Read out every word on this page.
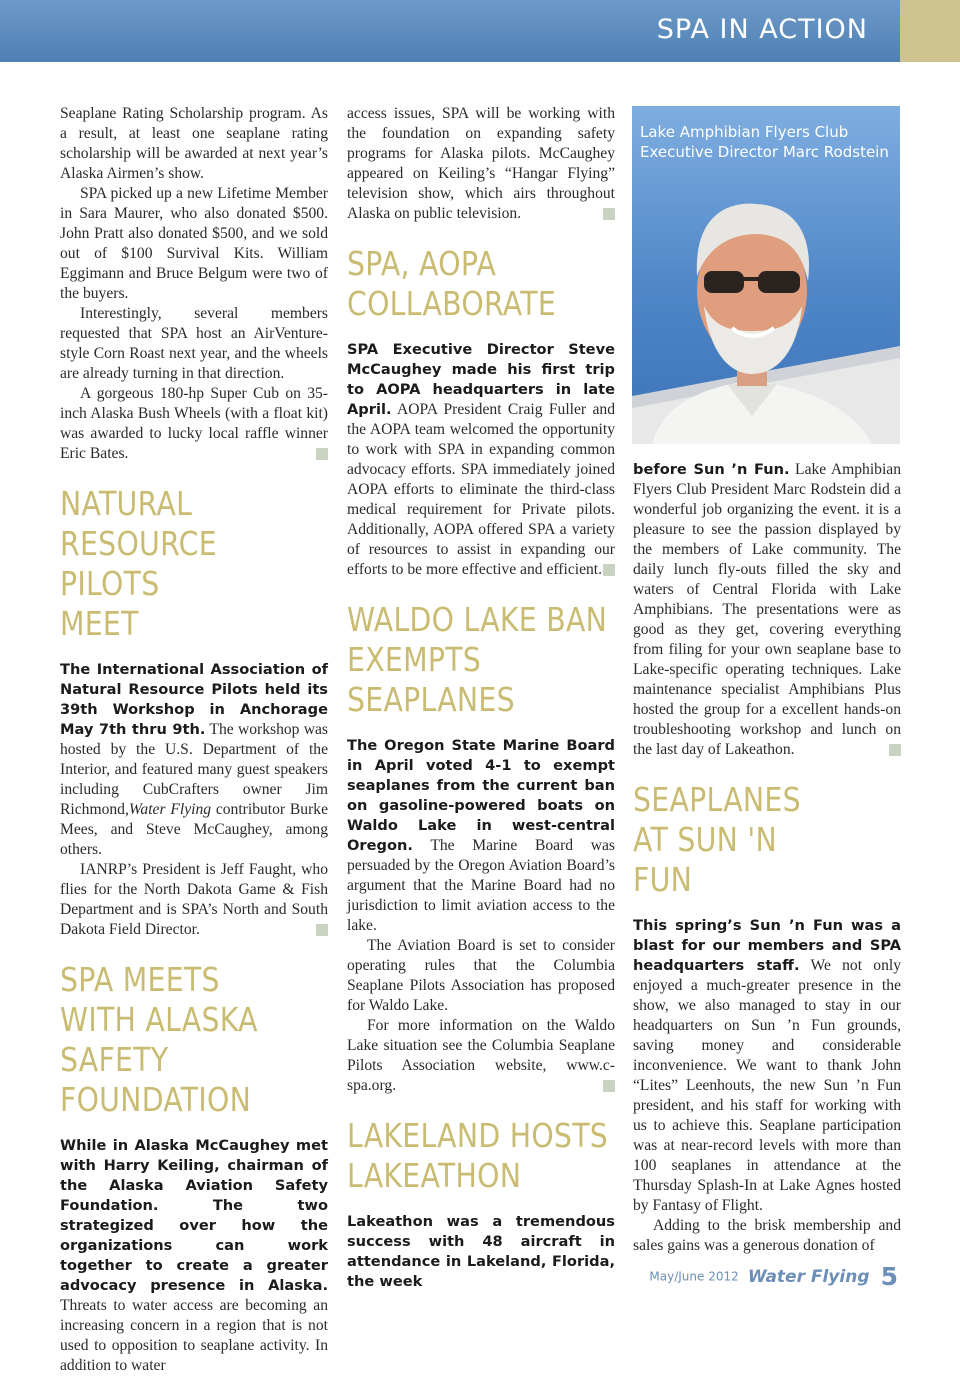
SPA IN ACTION

Seaplane Rating Scholarship program. As a result, at least one seaplane rating scholarship will be awarded at next year’s Alaska Airmen’s show.

SPA picked up a new Lifetime Member in Sara Maurer, who also donated $500. John Pratt also donated $500, and we sold out of $100 Survival Kits. William Eggimann and Bruce Belgum were two of the buyers.

Interestingly, several members requested that SPA host an AirVenture-style Corn Roast next year, and the wheels are already turning in that direction.

A gorgeous 180-hp Super Cub on 35-inch Alaska Bush Wheels (with a float kit) was awarded to lucky local raffle winner Eric Bates.

NATURAL RESOURCE PILOTS MEET

The International Association of Natural Resource Pilots held its 39th Workshop in Anchorage May 7th thru 9th. The workshop was hosted by the U.S. Department of the Interior, and featured many guest speakers including CubCrafters owner Jim Richmond,Water Flying contributor Burke Mees, and Steve McCaughey, among others.

IANRP’s President is Jeff Faught, who flies for the North Dakota Game & Fish Department and is SPA’s North and South Dakota Field Director.

SPA MEETS WITH ALASKA SAFETY FOUNDATION

While in Alaska McCaughey met with Harry Keiling, chairman of the Alaska Aviation Safety Foundation. The two strategized over how the organizations can work together to create a greater advocacy presence in Alaska. Threats to water access are becoming an increasing concern in a region that is not used to opposition to seaplane activity. In addition to water

access issues, SPA will be working with the foundation on expanding safety programs for Alaska pilots. McCaughey appeared on Keiling’s “Hangar Flying” television show, which airs throughout Alaska on public television.

SPA, AOPA COLLABORATE

SPA Executive Director Steve McCaughey made his first trip to AOPA headquarters in late April. AOPA President Craig Fuller and the AOPA team welcomed the opportunity to work with SPA in expanding common advocacy efforts. SPA immediately joined AOPA efforts to eliminate the third-class medical requirement for Private pilots. Additionally, AOPA offered SPA a variety of resources to assist in expanding our efforts to be more effective and efficient.

WALDO LAKE BAN EXEMPTS SEAPLANES

The Oregon State Marine Board in April voted 4-1 to exempt seaplanes from the current ban on gasoline-powered boats on Waldo Lake in west-central Oregon. The Marine Board was persuaded by the Oregon Aviation Board’s argument that the Marine Board had no jurisdiction to limit aviation access to the lake.

The Aviation Board is set to consider operating rules that the Columbia Seaplane Pilots Association has proposed for Waldo Lake.

For more information on the Waldo Lake situation see the Columbia Seaplane Pilots Association website, www.c-spa.org.

LAKELAND HOSTS LAKEATHON

Lakeathon was a tremendous success with 48 aircraft in attendance in Lakeland, Florida, the week

Lake Amphibian Flyers Club Executive Director Marc Rodstein

before Sun ’n Fun. Lake Amphibian Flyers Club President Marc Rodstein did a wonderful job organizing the event. it is a pleasure to see the passion displayed by the members of Lake community. The daily lunch fly-outs filled the sky and waters of Central Florida with Lake Amphibians. The presentations were as good as they get, covering everything from filing for your own seaplane base to Lake-specific operating techniques. Lake maintenance specialist Amphibians Plus hosted the group for a excellent hands-on troubleshooting workshop and lunch on the last day of Lakeathon.

SEAPLANES AT SUN 'N FUN

This spring’s Sun ’n Fun was a blast for our members and SPA headquarters staff. We not only enjoyed a much-greater presence in the show, we also managed to stay in our headquarters on Sun ’n Fun grounds, saving money and considerable inconvenience. We want to thank John “Lites” Leenhouts, the new Sun ’n Fun president, and his staff for working with us to achieve this. Seaplane participation was at near-record levels with more than 100 seaplanes in attendance at the Thursday Splash-In at Lake Agnes hosted by Fantasy of Flight.

Adding to the brisk membership and sales gains was a generous donation of

May/June 2012 Water Flying 5
